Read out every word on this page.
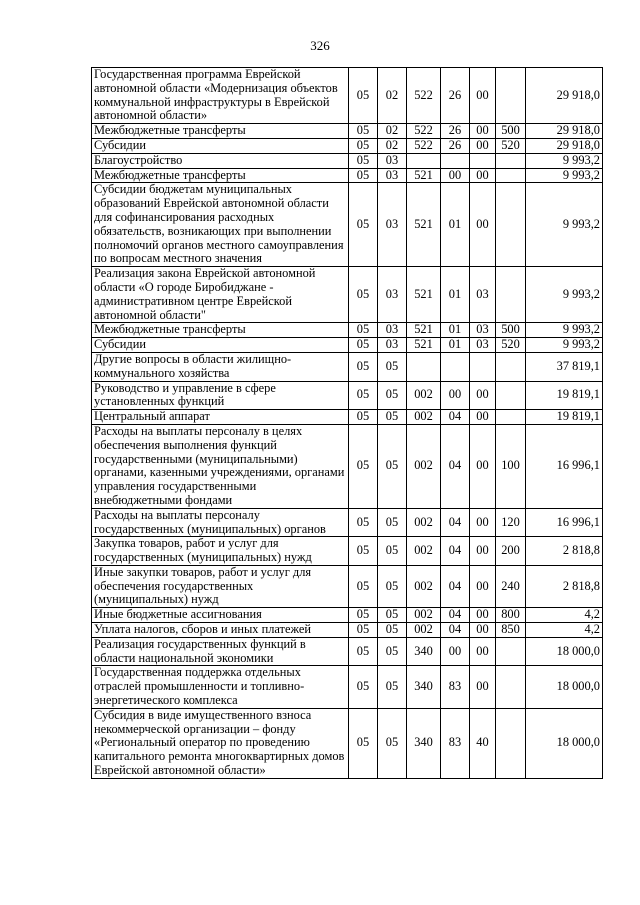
326
Государственная программа Еврейской автономной области «Модернизация объектов коммунальной инфраструктуры в Еврейской автономной области»	05	02	522	26	00		29 918,0
Межбюджетные трансферты	05	02	522	26	00	500	29 918,0
Субсидии	05	02	522	26	00	520	29 918,0
Благоустройство	05	03					9 993,2
Межбюджетные трансферты	05	03	521	00	00		9 993,2
Субсидии бюджетам муниципальных образований Еврейской автономной области для софинансирования расходных обязательств, возникающих при выполнении полномочий органов местного самоуправления по вопросам местного значения	05	03	521	01	00		9 993,2
Реализация закона Еврейской автономной области «О городе Биробиджане - административном центре Еврейской автономной области"	05	03	521	01	03		9 993,2
Межбюджетные трансферты	05	03	521	01	03	500	9 993,2
Субсидии	05	03	521	01	03	520	9 993,2
Другие вопросы в области жилищно-коммунального хозяйства	05	05					37 819,1
Руководство и управление в сфере установленных функций	05	05	002	00	00		19 819,1
Центральный аппарат	05	05	002	04	00		19 819,1
Расходы на выплаты персоналу в целях обеспечения выполнения функций государственными (муниципальными) органами, казенными учреждениями, органами управления государственными внебюджетными фондами	05	05	002	04	00	100	16 996,1
Расходы на выплаты персоналу государственных (муниципальных) органов	05	05	002	04	00	120	16 996,1
Закупка товаров, работ и услуг для государственных (муниципальных) нужд	05	05	002	04	00	200	2 818,8
Иные закупки товаров, работ и услуг для обеспечения государственных (муниципальных) нужд	05	05	002	04	00	240	2 818,8
Иные бюджетные ассигнования	05	05	002	04	00	800	4,2
Уплата налогов, сборов и иных платежей	05	05	002	04	00	850	4,2
Реализация государственных функций в области национальной экономики	05	05	340	00	00		18 000,0
Государственная поддержка отдельных отраслей промышленности и топливно-энергетического комплекса	05	05	340	83	00		18 000,0
Субсидия в виде имущественного взноса некоммерческой организации – фонду «Региональный оператор по проведению капитального ремонта многоквартирных домов Еврейской автономной области»	05	05	340	83	40		18 000,0
